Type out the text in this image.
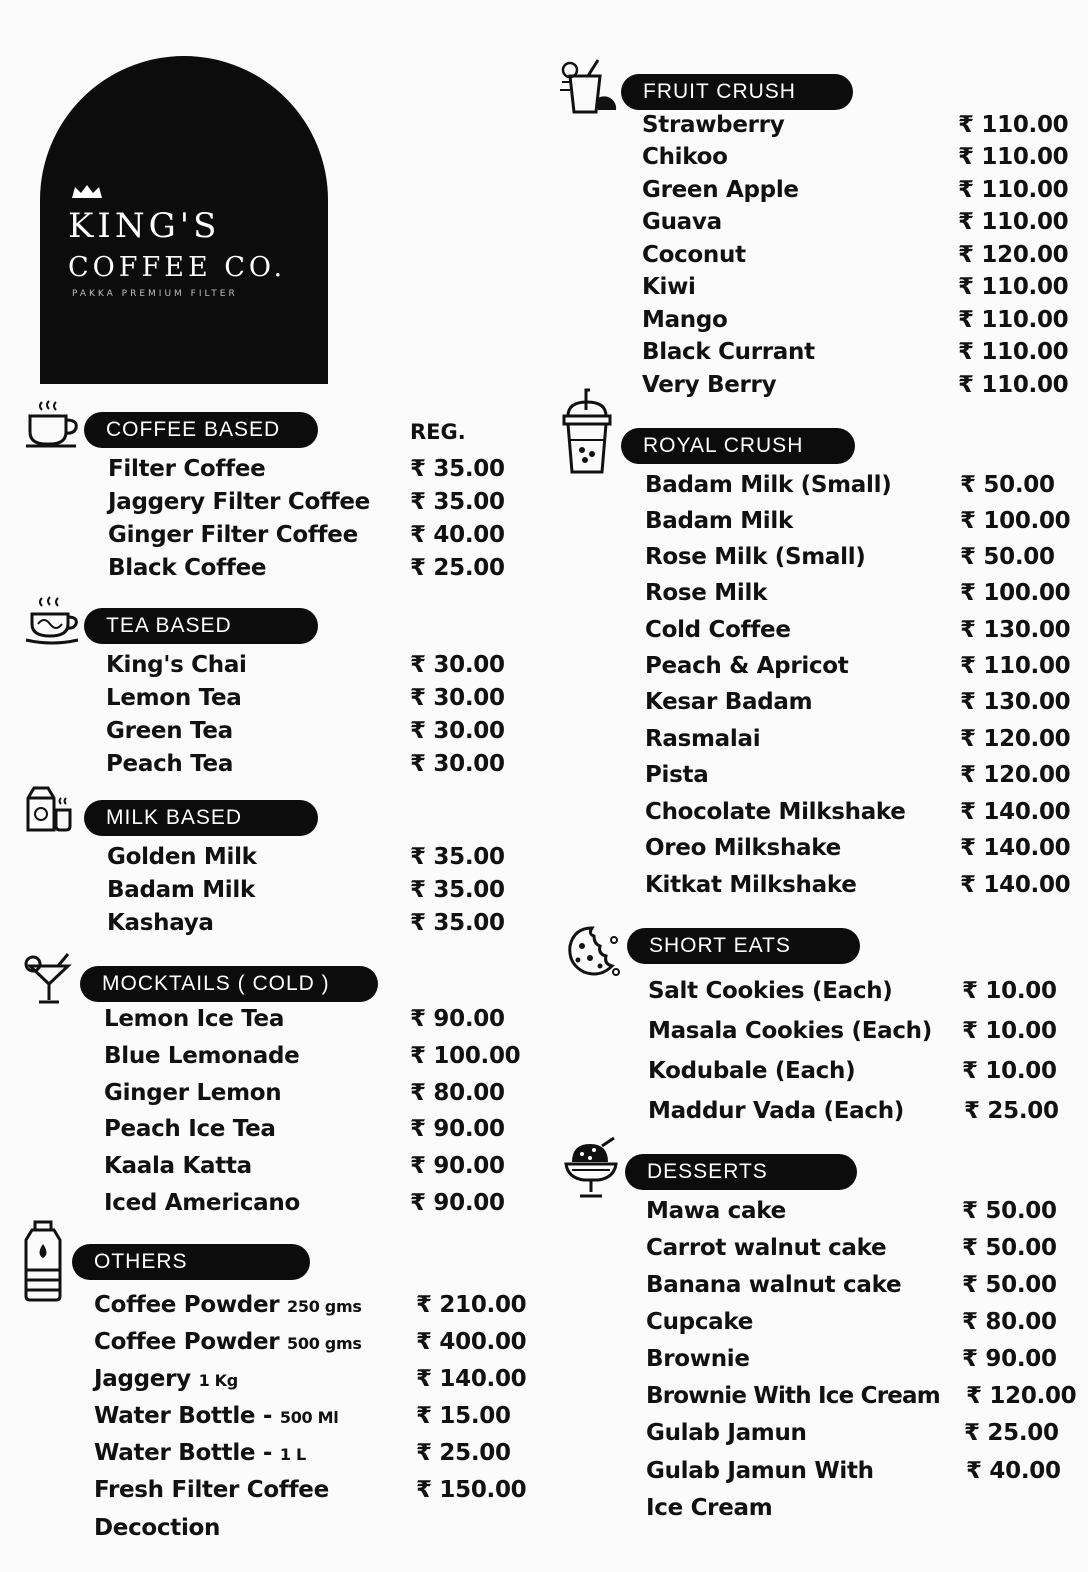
KING'S
COFFEE CO.
PAKKA PREMIUM FILTER
COFFEE BASED	REG.
Filter Coffee	₹ 35.00
Jaggery Filter Coffee ₹ 35.00
Ginger Filter Coffee ₹ 40.00
Black Coffee	₹ 25.00
TEA BASED
King's Chai	₹ 30.00
Lemon Tea	₹ 30.00
Green Tea	₹ 30.00
Peach Tea	₹ 30.00
MILK BASED
Golden Milk	₹ 35.00
Badam Milk	₹ 35.00
Kashaya	₹ 35.00
MOCKTAILS ( COLD )
Lemon Ice Tea	₹ 90.00
Blue Lemonade	₹ 100.00
Ginger Lemon	₹ 80.00
Peach Ice Tea	₹ 90.00
Kaala Katta	₹ 90.00
Iced Americano	₹ 90.00
OTHERS
Coffee Powder 250 gms ₹ 210.00
Coffee Powder 500 gms ₹ 400.00
Jaggery 1 Kg	₹ 140.00
Water Bottle - 500 Ml	₹ 15.00
Water Bottle - 1 L	₹ 25.00
Fresh Filter Coffee	₹ 150.00
Decoction
FRUIT CRUSH
Strawberry	₹ 110.00
Chikoo	₹ 110.00
Green Apple	₹ 110.00
Guava	₹ 110.00
Coconut	₹ 120.00
Kiwi	₹ 110.00
Mango	₹ 110.00
Black Currant	₹ 110.00
Very Berry	₹ 110.00
ROYAL CRUSH
Badam Milk (Small)	₹ 50.00
Badam Milk	₹ 100.00
Rose Milk (Small)	₹ 50.00
Rose Milk	₹ 100.00
Cold Coffee	₹ 130.00
Peach & Apricot	₹ 110.00
Kesar Badam	₹ 130.00
Rasmalai	₹ 120.00
Pista	₹ 120.00
Chocolate Milkshake ₹ 140.00
Oreo Milkshake	₹ 140.00
Kitkat Milkshake	₹ 140.00
SHORT EATS
Salt Cookies (Each)	₹ 10.00
Masala Cookies (Each) ₹ 10.00
Kodubale (Each)	₹ 10.00
Maddur Vada (Each)	₹ 25.00
DESSERTS
Mawa cake	₹ 50.00
Carrot walnut cake	₹ 50.00
Banana walnut cake	₹ 50.00
Cupcake	₹ 80.00
Brownie	₹ 90.00
Brownie With Ice Cream ₹ 120.00
Gulab Jamun	₹ 25.00
Gulab Jamun With	₹ 40.00
Ice Cream
